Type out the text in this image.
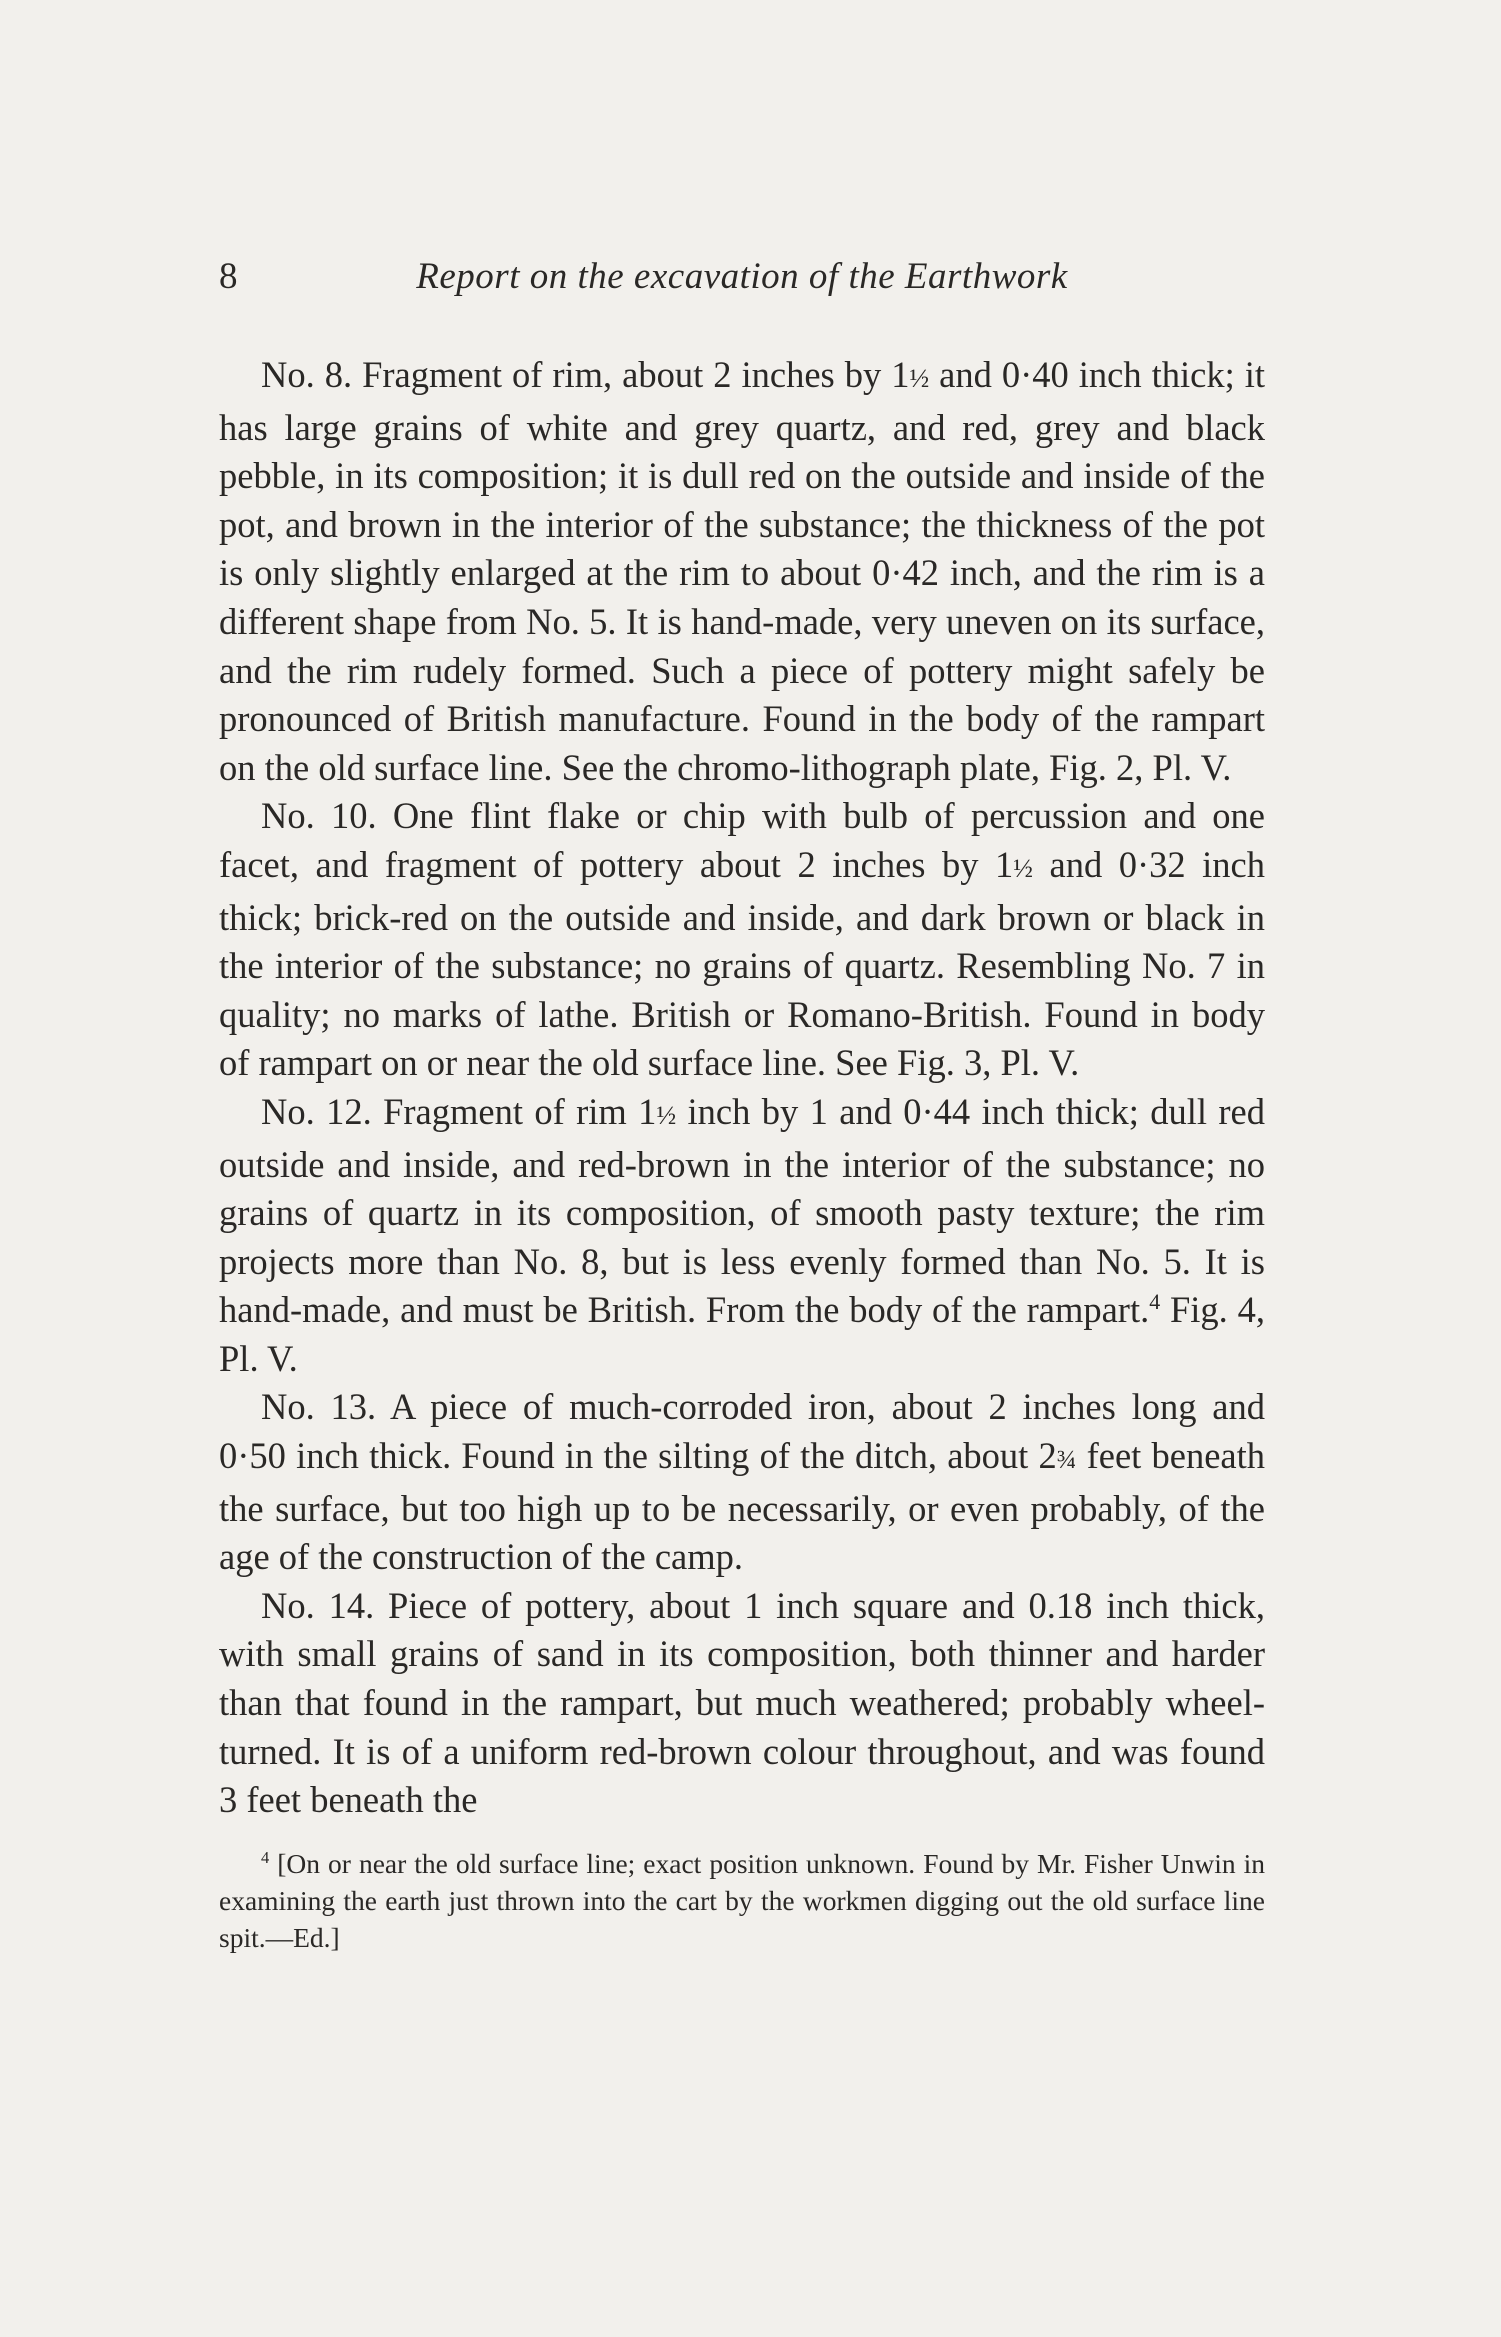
8	Report on the excavation of the Earthwork

No. 8. Fragment of rim, about 2 inches by 1½ and 0·40 inch thick; it has large grains of white and grey quartz, and red, grey and black pebble, in its composition; it is dull red on the outside and inside of the pot, and brown in the interior of the substance; the thickness of the pot is only slightly enlarged at the rim to about 0·42 inch, and the rim is a different shape from No. 5. It is hand-made, very uneven on its surface, and the rim rudely formed. Such a piece of pottery might safely be pronounced of British manufacture. Found in the body of the rampart on the old surface line. See the chromo-lithograph plate, Fig. 2, Pl. V.

No. 10. One flint flake or chip with bulb of percussion and one facet, and fragment of pottery about 2 inches by 1½ and 0·32 inch thick; brick-red on the outside and inside, and dark brown or black in the interior of the substance; no grains of quartz. Resembling No. 7 in quality; no marks of lathe. British or Romano-British. Found in body of rampart on or near the old surface line. See Fig. 3, Pl. V.

No. 12. Fragment of rim 1½ inch by 1 and 0·44 inch thick; dull red outside and inside, and red-brown in the interior of the substance; no grains of quartz in its composition, of smooth pasty texture; the rim projects more than No. 8, but is less evenly formed than No. 5. It is hand-made, and must be British. From the body of the rampart.$^4$ Fig. 4, Pl. V.

No. 13. A piece of much-corroded iron, about 2 inches long and 0·50 inch thick. Found in the silting of the ditch, about 2¾ feet beneath the surface, but too high up to be necessarily, or even probably, of the age of the construction of the camp.

No. 14. Piece of pottery, about 1 inch square and 0.18 inch thick, with small grains of sand in its composition, both thinner and harder than that found in the rampart, but much weathered; probably wheel-turned. It is of a uniform red-brown colour throughout, and was found 3 feet beneath the

$^4$ [On or near the old surface line; exact position unknown. Found by Mr. Fisher Unwin in examining the earth just thrown into the cart by the workmen digging out the old surface line spit.—Ed.]
